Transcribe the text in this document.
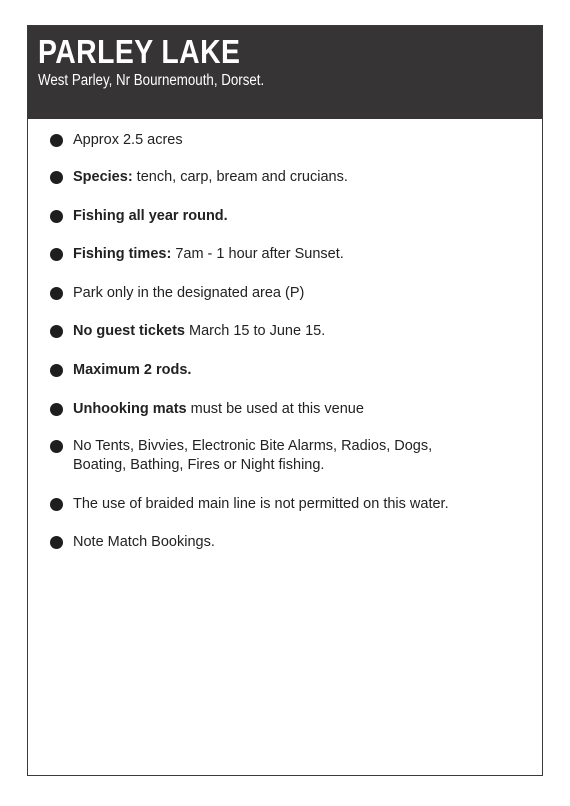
PARLEY LAKE
West Parley, Nr Bournemouth, Dorset.
Approx 2.5 acres
Species: tench, carp, bream and crucians.
Fishing all year round.
Fishing times: 7am - 1 hour after Sunset.
Park only in the designated area (P)
No guest tickets March 15 to June 15.
Maximum 2 rods.
Unhooking mats must be used at this venue
No Tents, Bivvies, Electronic Bite Alarms, Radios, Dogs, Boating, Bathing, Fires or Night fishing.
The use of braided main line is not permitted on this water.
Note Match Bookings.
